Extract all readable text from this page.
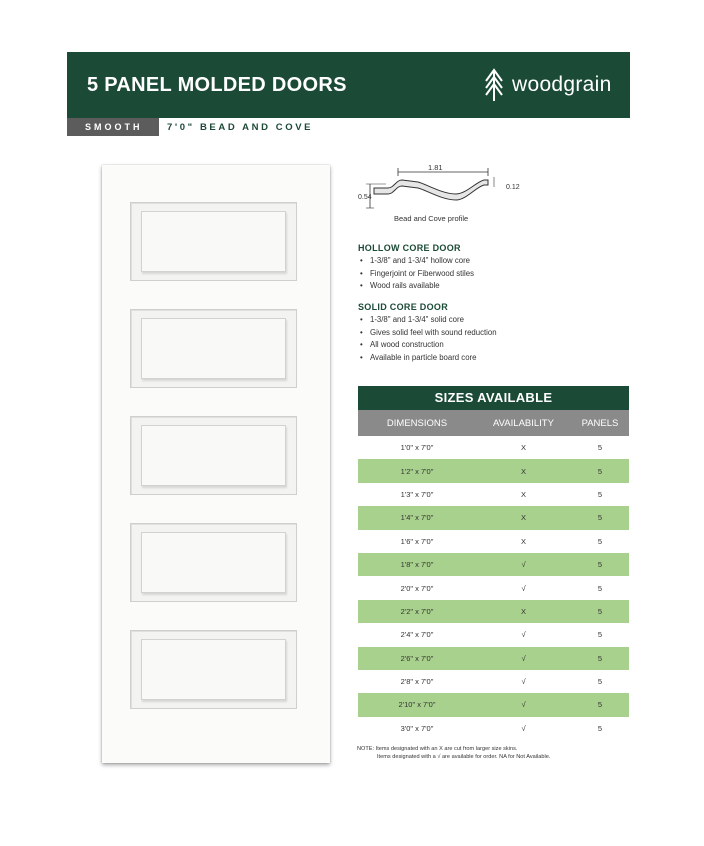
5 PANEL MOLDED DOORS	woodgrain
SMOOTH	7'0" BEAD AND COVE
1.81
0.54
0.12
Bead and Cove profile
HOLLOW CORE DOOR
• 1-3/8" and 1-3/4" hollow core
• Fingerjoint or Fiberwood stiles
• Wood rails available
SOLID CORE DOOR
• 1-3/8" and 1-3/4" solid core
• Gives solid feel with sound reduction
• All wood construction
• Available in particle board core
SIZES AVAILABLE
DIMENSIONS	AVAILABILITY	PANELS
1'0" x 7'0"	X	5
1'2" x 7'0"	X	5
1'3" x 7'0"	X	5
1'4" x 7'0"	X	5
1'6" x 7'0"	X	5
1'8" x 7'0"	√	5
2'0" x 7'0"	√	5
2'2" x 7'0"	X	5
2'4" x 7'0"	√	5
2'6" x 7'0"	√	5
2'8" x 7'0"	√	5
2'10" x 7'0"	√	5
3'0" x 7'0"	√	5
NOTE: Items designated with an X are cut from larger size skins.
Items designated with a √ are available for order. NA for Not Available.
